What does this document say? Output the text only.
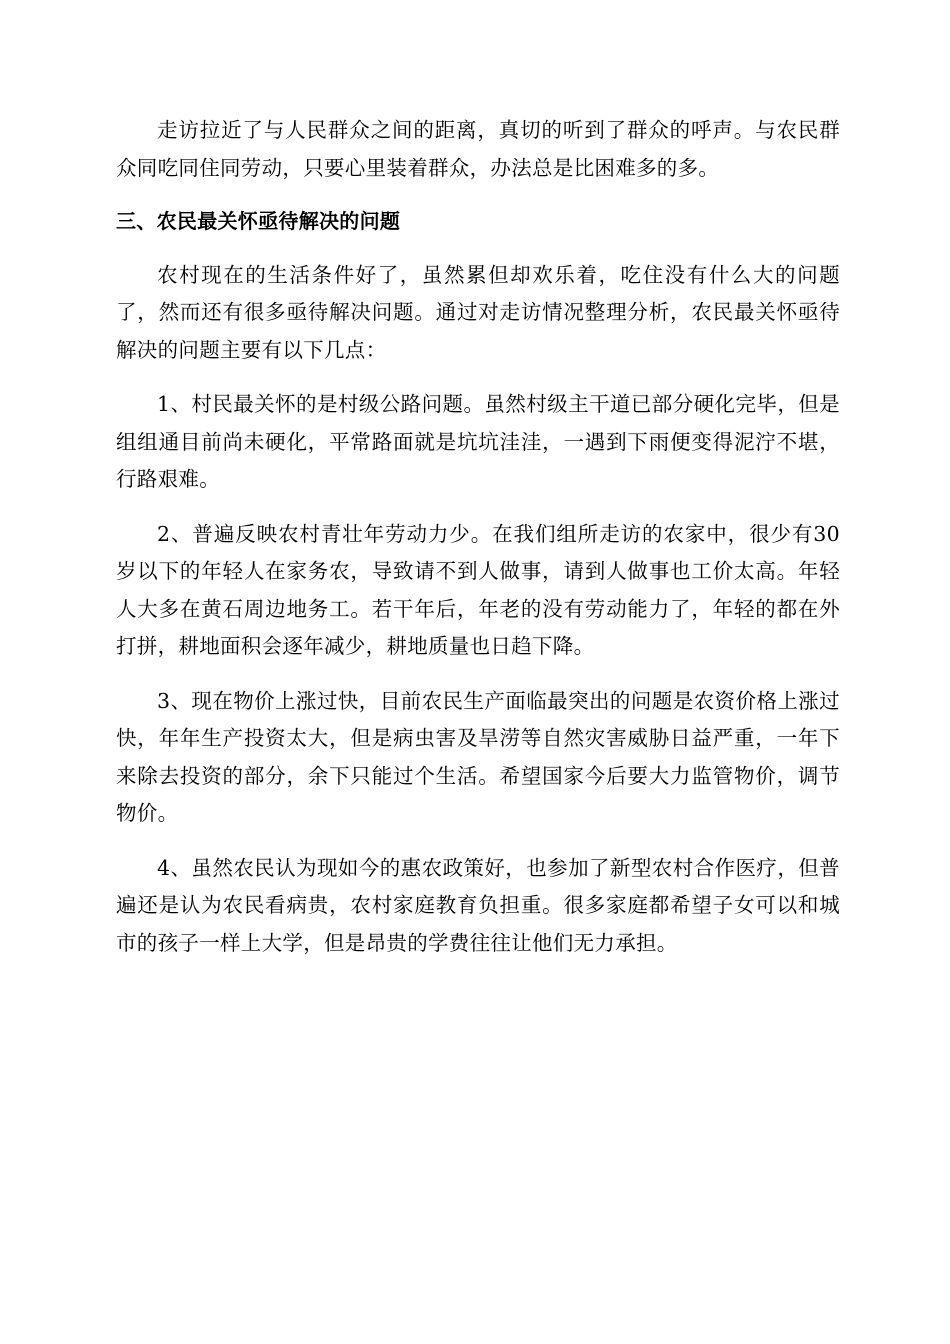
走访拉近了与人民群众之间的距离，真切的听到了群众的呼声。与农民群众同吃同住同劳动，只要心里装着群众，办法总是比困难多的多。

三、农民最关怀亟待解决的问题

农村现在的生活条件好了，虽然累但却欢乐着，吃住没有什么大的问题了，然而还有很多亟待解决问题。通过对走访情况整理分析，农民最关怀亟待解决的问题主要有以下几点：

1、村民最关怀的是村级公路问题。虽然村级主干道已部分硬化完毕，但是组组通目前尚未硬化，平常路面就是坑坑洼洼，一遇到下雨便变得泥泞不堪，行路艰难。

2、普遍反映农村青壮年劳动力少。在我们组所走访的农家中，很少有30岁以下的年轻人在家务农，导致请不到人做事，请到人做事也工价太高。年轻人大多在黄石周边地务工。若干年后，年老的没有劳动能力了，年轻的都在外打拼，耕地面积会逐年减少，耕地质量也日趋下降。

3、现在物价上涨过快，目前农民生产面临最突出的问题是农资价格上涨过快，年年生产投资太大，但是病虫害及旱涝等自然灾害威胁日益严重，一年下来除去投资的部分，余下只能过个生活。希望国家今后要大力监管物价，调节物价。

4、虽然农民认为现如今的惠农政策好，也参加了新型农村合作医疗，但普遍还是认为农民看病贵，农村家庭教育负担重。很多家庭都希望子女可以和城市的孩子一样上大学，但是昂贵的学费往往让他们无力承担。
